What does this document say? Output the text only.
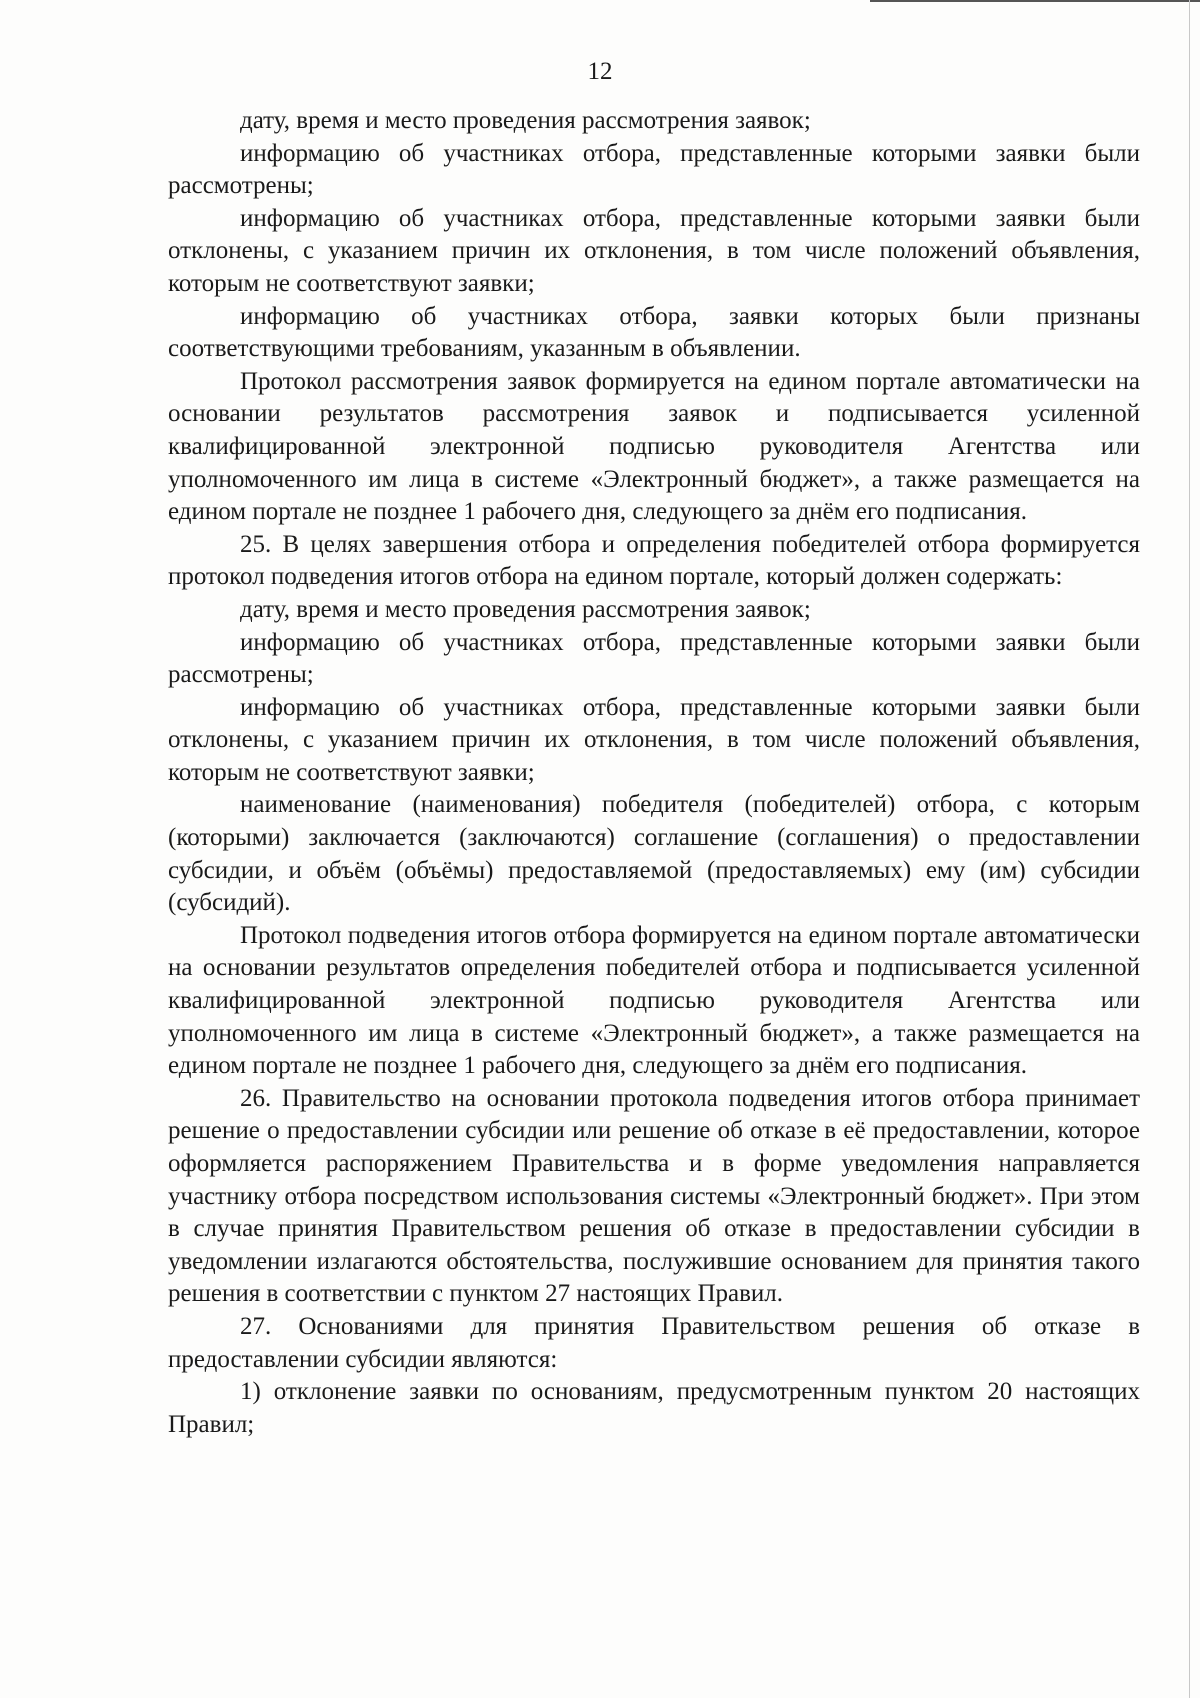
12

дату, время и место проведения рассмотрения заявок;

информацию об участниках отбора, представленные которыми заявки были рассмотрены;

информацию об участниках отбора, представленные которыми заявки были отклонены, с указанием причин их отклонения, в том числе положений объявления, которым не соответствуют заявки;

информацию об участниках отбора, заявки которых были признаны соответствующими требованиям, указанным в объявлении.

Протокол рассмотрения заявок формируется на едином портале автоматически на основании результатов рассмотрения заявок и подписывается усиленной квалифицированной электронной подписью руководителя Агентства или уполномоченного им лица в системе «Электронный бюджет», а также размещается на едином портале не позднее 1 рабочего дня, следующего за днём его подписания.

25. В целях завершения отбора и определения победителей отбора формируется протокол подведения итогов отбора на едином портале, который должен содержать:

дату, время и место проведения рассмотрения заявок;

информацию об участниках отбора, представленные которыми заявки были рассмотрены;

информацию об участниках отбора, представленные которыми заявки были отклонены, с указанием причин их отклонения, в том числе положений объявления, которым не соответствуют заявки;

наименование (наименования) победителя (победителей) отбора, с которым (которыми) заключается (заключаются) соглашение (соглашения) о предоставлении субсидии, и объём (объёмы) предоставляемой (предоставляемых) ему (им) субсидии (субсидий).

Протокол подведения итогов отбора формируется на едином портале автоматически на основании результатов определения победителей отбора и подписывается усиленной квалифицированной электронной подписью руководителя Агентства или уполномоченного им лица в системе «Электронный бюджет», а также размещается на едином портале не позднее 1 рабочего дня, следующего за днём его подписания.

26. Правительство на основании протокола подведения итогов отбора принимает решение о предоставлении субсидии или решение об отказе в её предоставлении, которое оформляется распоряжением Правительства и в форме уведомления направляется участнику отбора посредством использования системы «Электронный бюджет». При этом в случае принятия Правительством решения об отказе в предоставлении субсидии в уведомлении излагаются обстоятельства, послужившие основанием для принятия такого решения в соответствии с пунктом 27 настоящих Правил.

27. Основаниями для принятия Правительством решения об отказе в предоставлении субсидии являются:

1) отклонение заявки по основаниям, предусмотренным пунктом 20 настоящих Правил;
